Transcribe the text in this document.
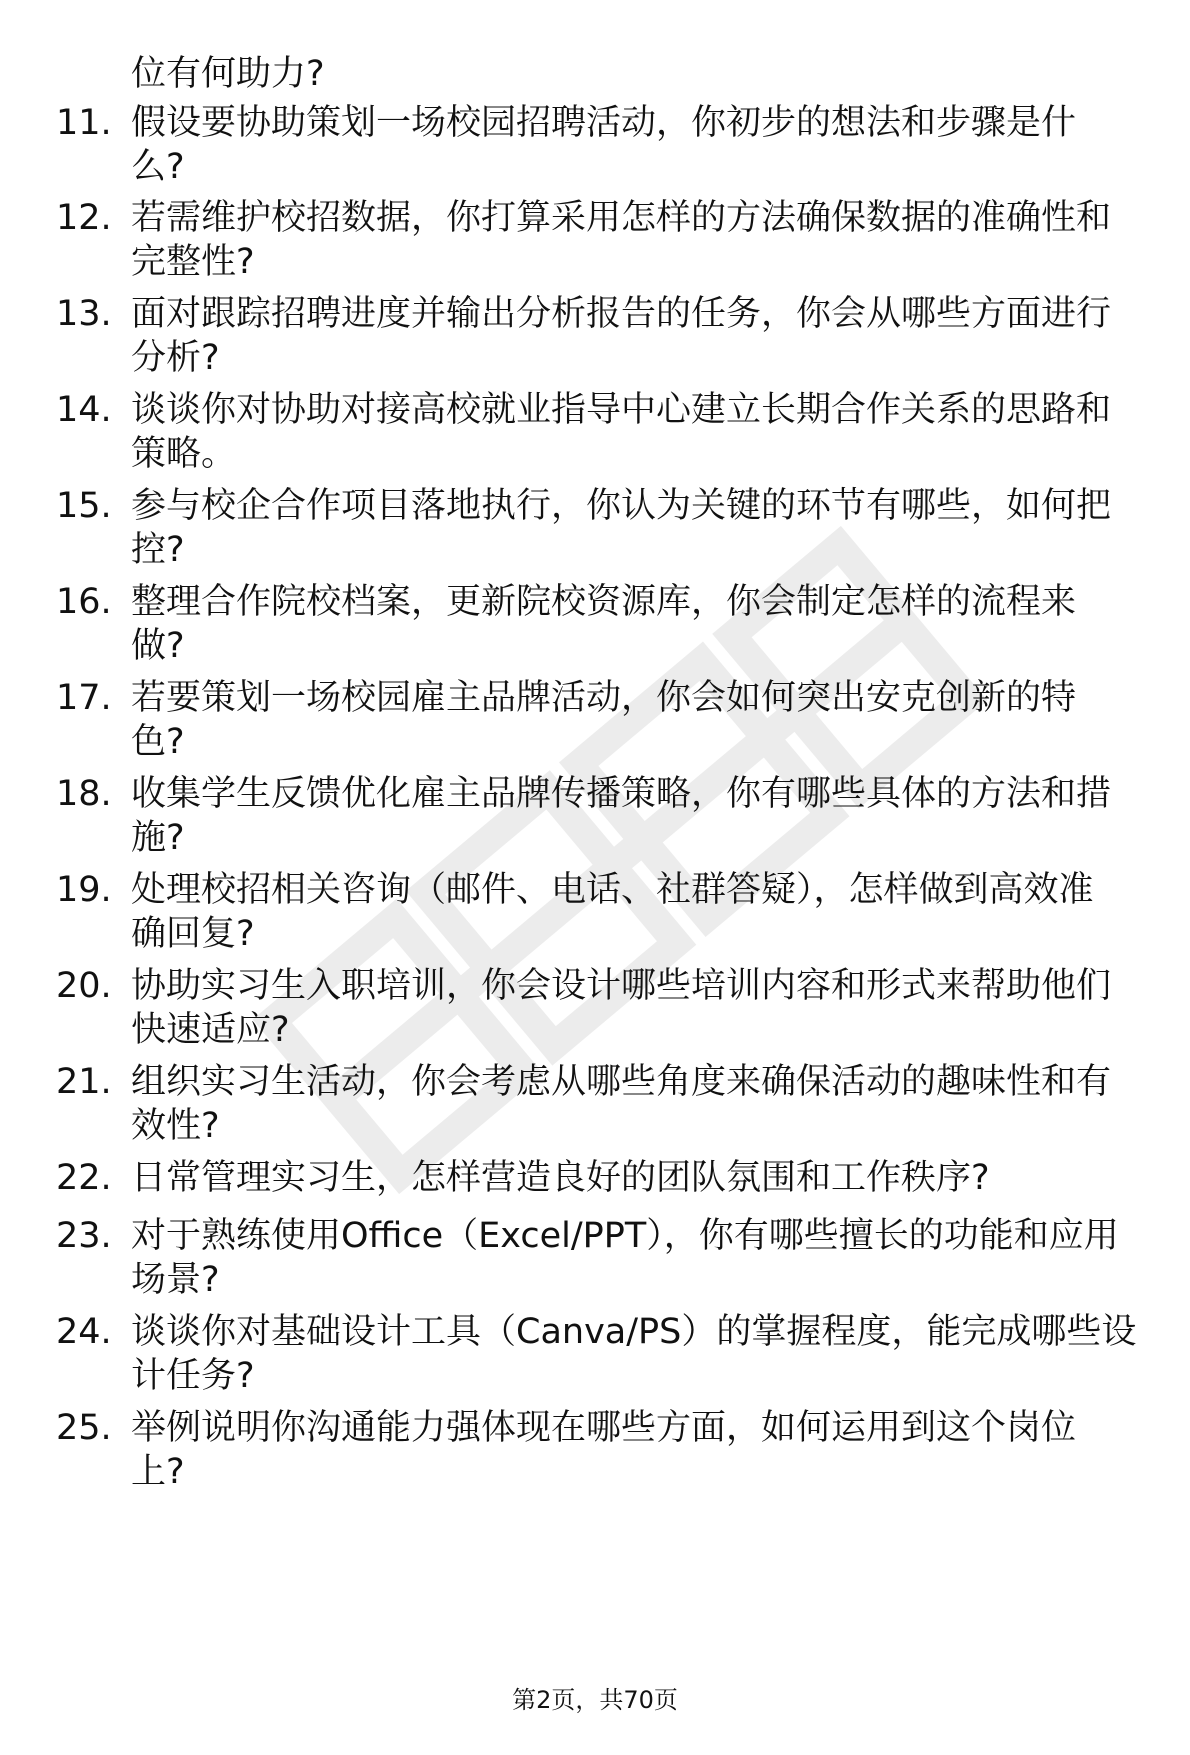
位有何助力?
11. 假设要协助策划一场校园招聘活动，你初步的想法和步骤是什
么?
12. 若需维护校招数据，你打算采用怎样的方法确保数据的准确性和
完整性?
13. 面对跟踪招聘进度并输出分析报告的任务，你会从哪些方面进行
分析?
14. 谈谈你对协助对接高校就业指导中心建立长期合作关系的思路和
策略。
15. 参与校企合作项目落地执行，你认为关键的环节有哪些，如何把
控?
16. 整理合作院校档案，更新院校资源库，你会制定怎样的流程来
做?
17. 若要策划一场校园雇主品牌活动，你会如何突出安克创新的特
色?
18. 收集学生反馈优化雇主品牌传播策略，你有哪些具体的方法和措
施?
19. 处理校招相关咨询（邮件、电话、社群答疑），怎样做到高效准
确回复?
20. 协助实习生入职培训，你会设计哪些培训内容和形式来帮助他们
快速适应?
21. 组织实习生活动，你会考虑从哪些角度来确保活动的趣味性和有
效性?
22. 日常管理实习生，怎样营造良好的团队氛围和工作秩序?
23. 对于熟练使用Office（Excel/PPT），你有哪些擅长的功能和应用
场景?
24. 谈谈你对基础设计工具（Canva/PS）的掌握程度，能完成哪些设
计任务?
25. 举例说明你沟通能力强体现在哪些方面，如何运用到这个岗位
上?
第2页，共70页
